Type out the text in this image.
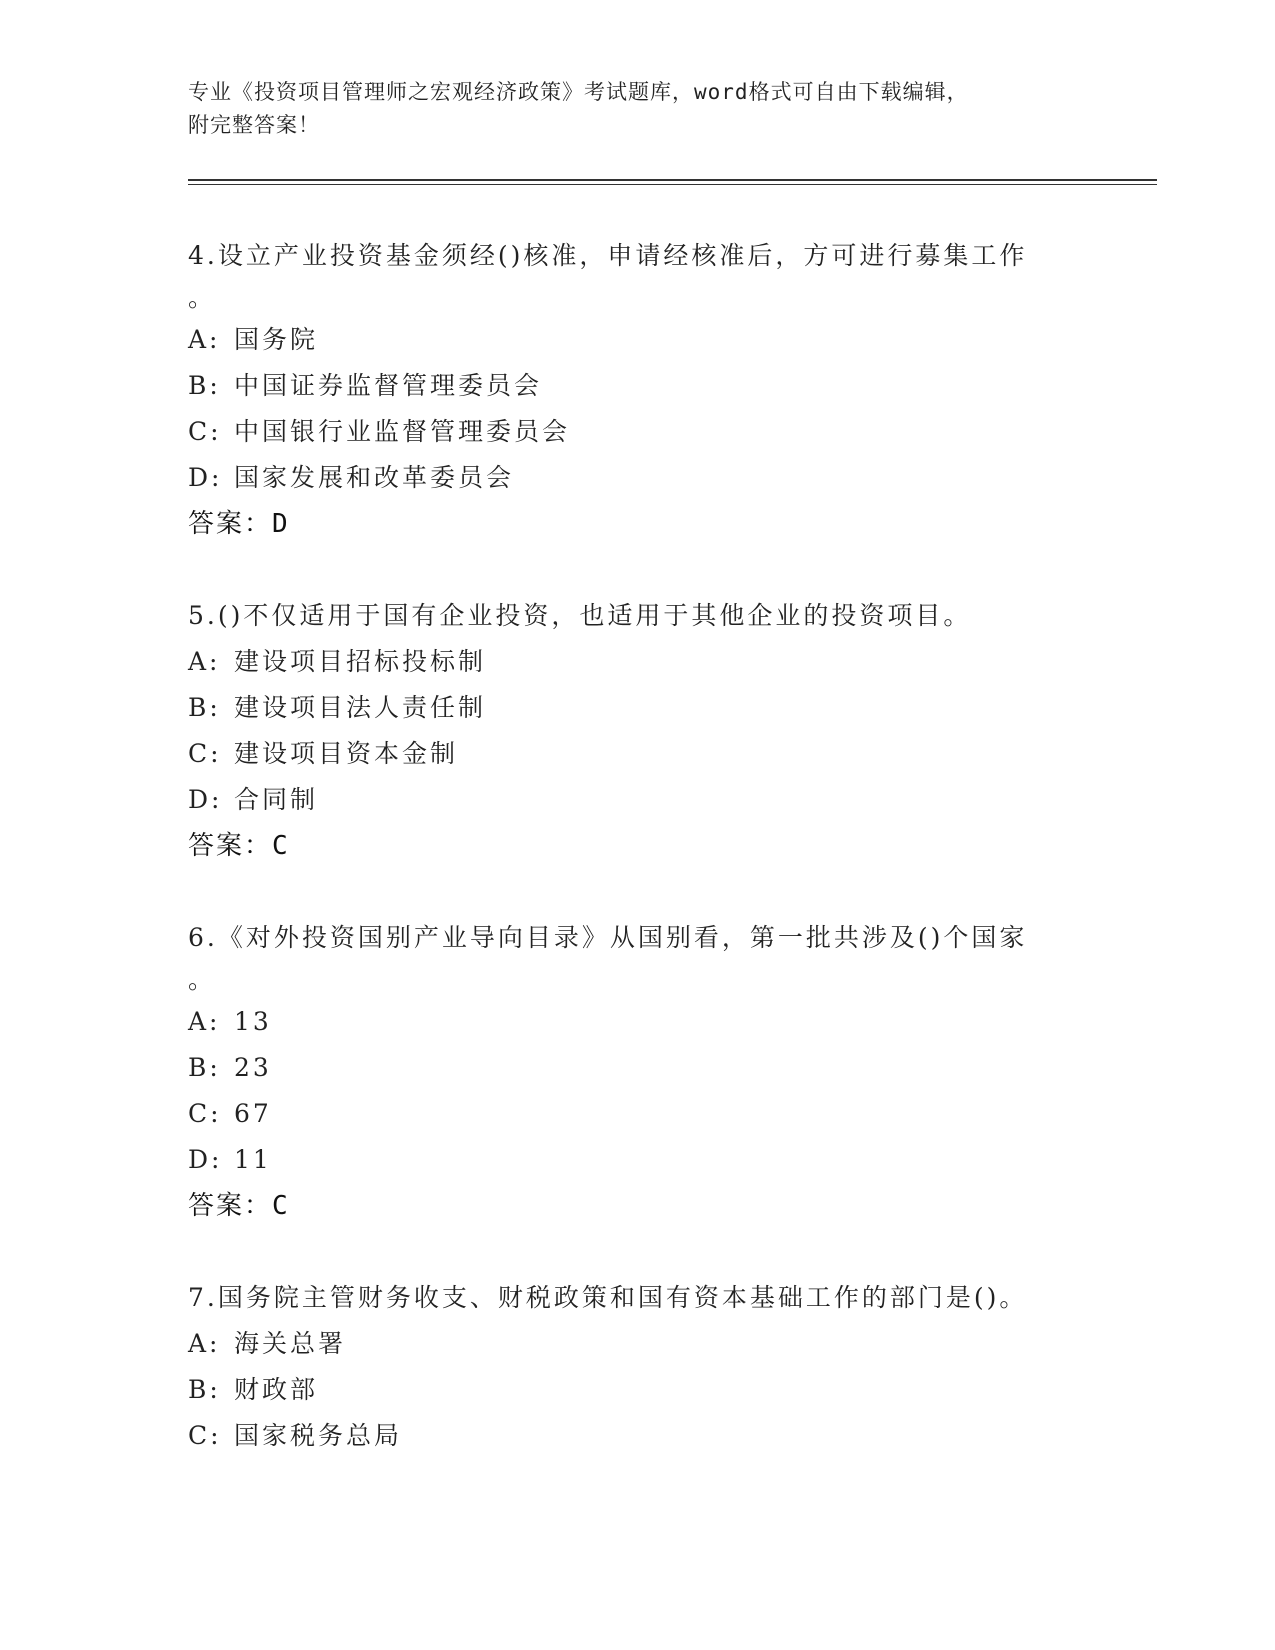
专业《投资项目管理师之宏观经济政策》考试题库，word格式可自由下载编辑，
附完整答案！
4.设立产业投资基金须经()核准，申请经核准后，方可进行募集工作
。
A: 国务院
B: 中国证券监督管理委员会
C: 中国银行业监督管理委员会
D: 国家发展和改革委员会
答案：D
5.()不仅适用于国有企业投资，也适用于其他企业的投资项目。
A: 建设项目招标投标制
B: 建设项目法人责任制
C: 建设项目资本金制
D: 合同制
答案：C
6.《对外投资国别产业导向目录》从国别看，第一批共涉及()个国家
。
A: 13
B: 23
C: 67
D: 11
答案：C
7.国务院主管财务收支、财税政策和国有资本基础工作的部门是()。
A: 海关总署
B: 财政部
C: 国家税务总局
